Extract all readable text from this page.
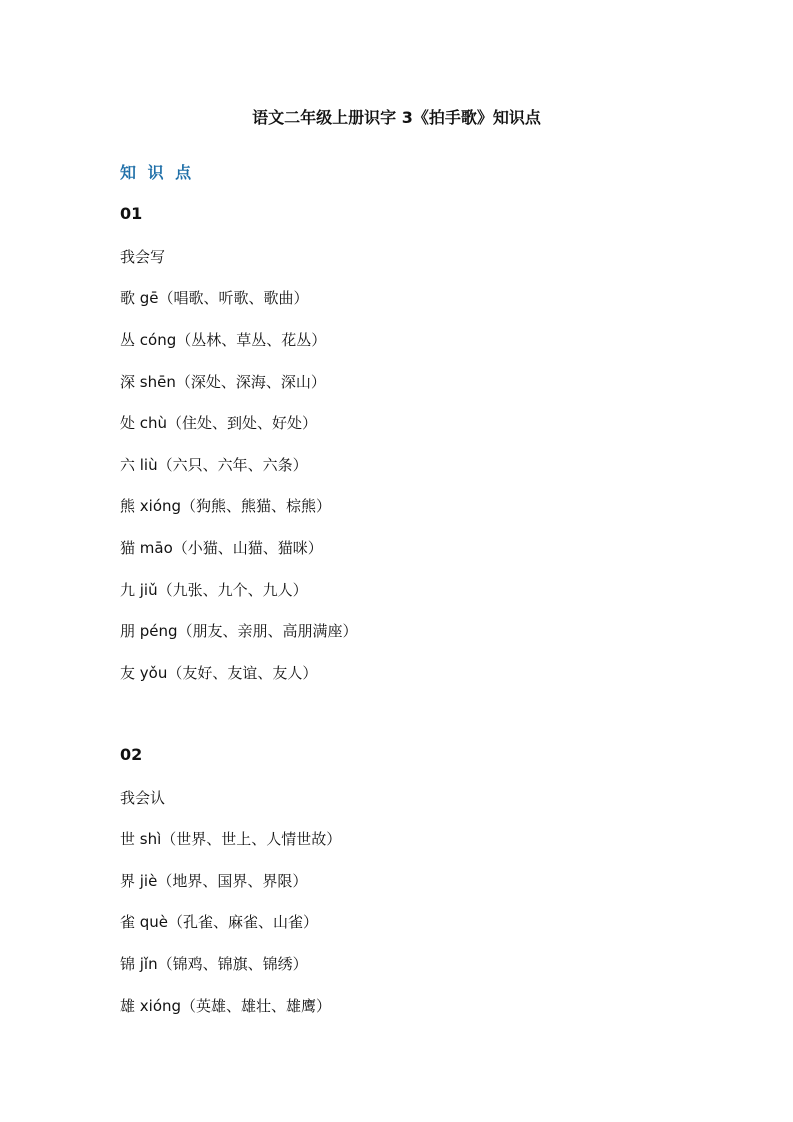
语文二年级上册识字 3《拍手歌》知识点
知 识 点
01
我会写
歌 gē（唱歌、听歌、歌曲）
丛 cóng（丛林、草丛、花丛）
深 shēn（深处、深海、深山）
处 chù（住处、到处、好处）
六 liù（六只、六年、六条）
熊 xióng（狗熊、熊猫、棕熊）
猫 māo（小猫、山猫、猫咪）
九 jiǔ（九张、九个、九人）
朋 péng（朋友、亲朋、高朋满座）
友 yǒu（友好、友谊、友人）
02
我会认
世 shì（世界、世上、人情世故）
界 jiè（地界、国界、界限）
雀 què（孔雀、麻雀、山雀）
锦 jǐn（锦鸡、锦旗、锦绣）
雄 xióng（英雄、雄壮、雄鹰）
